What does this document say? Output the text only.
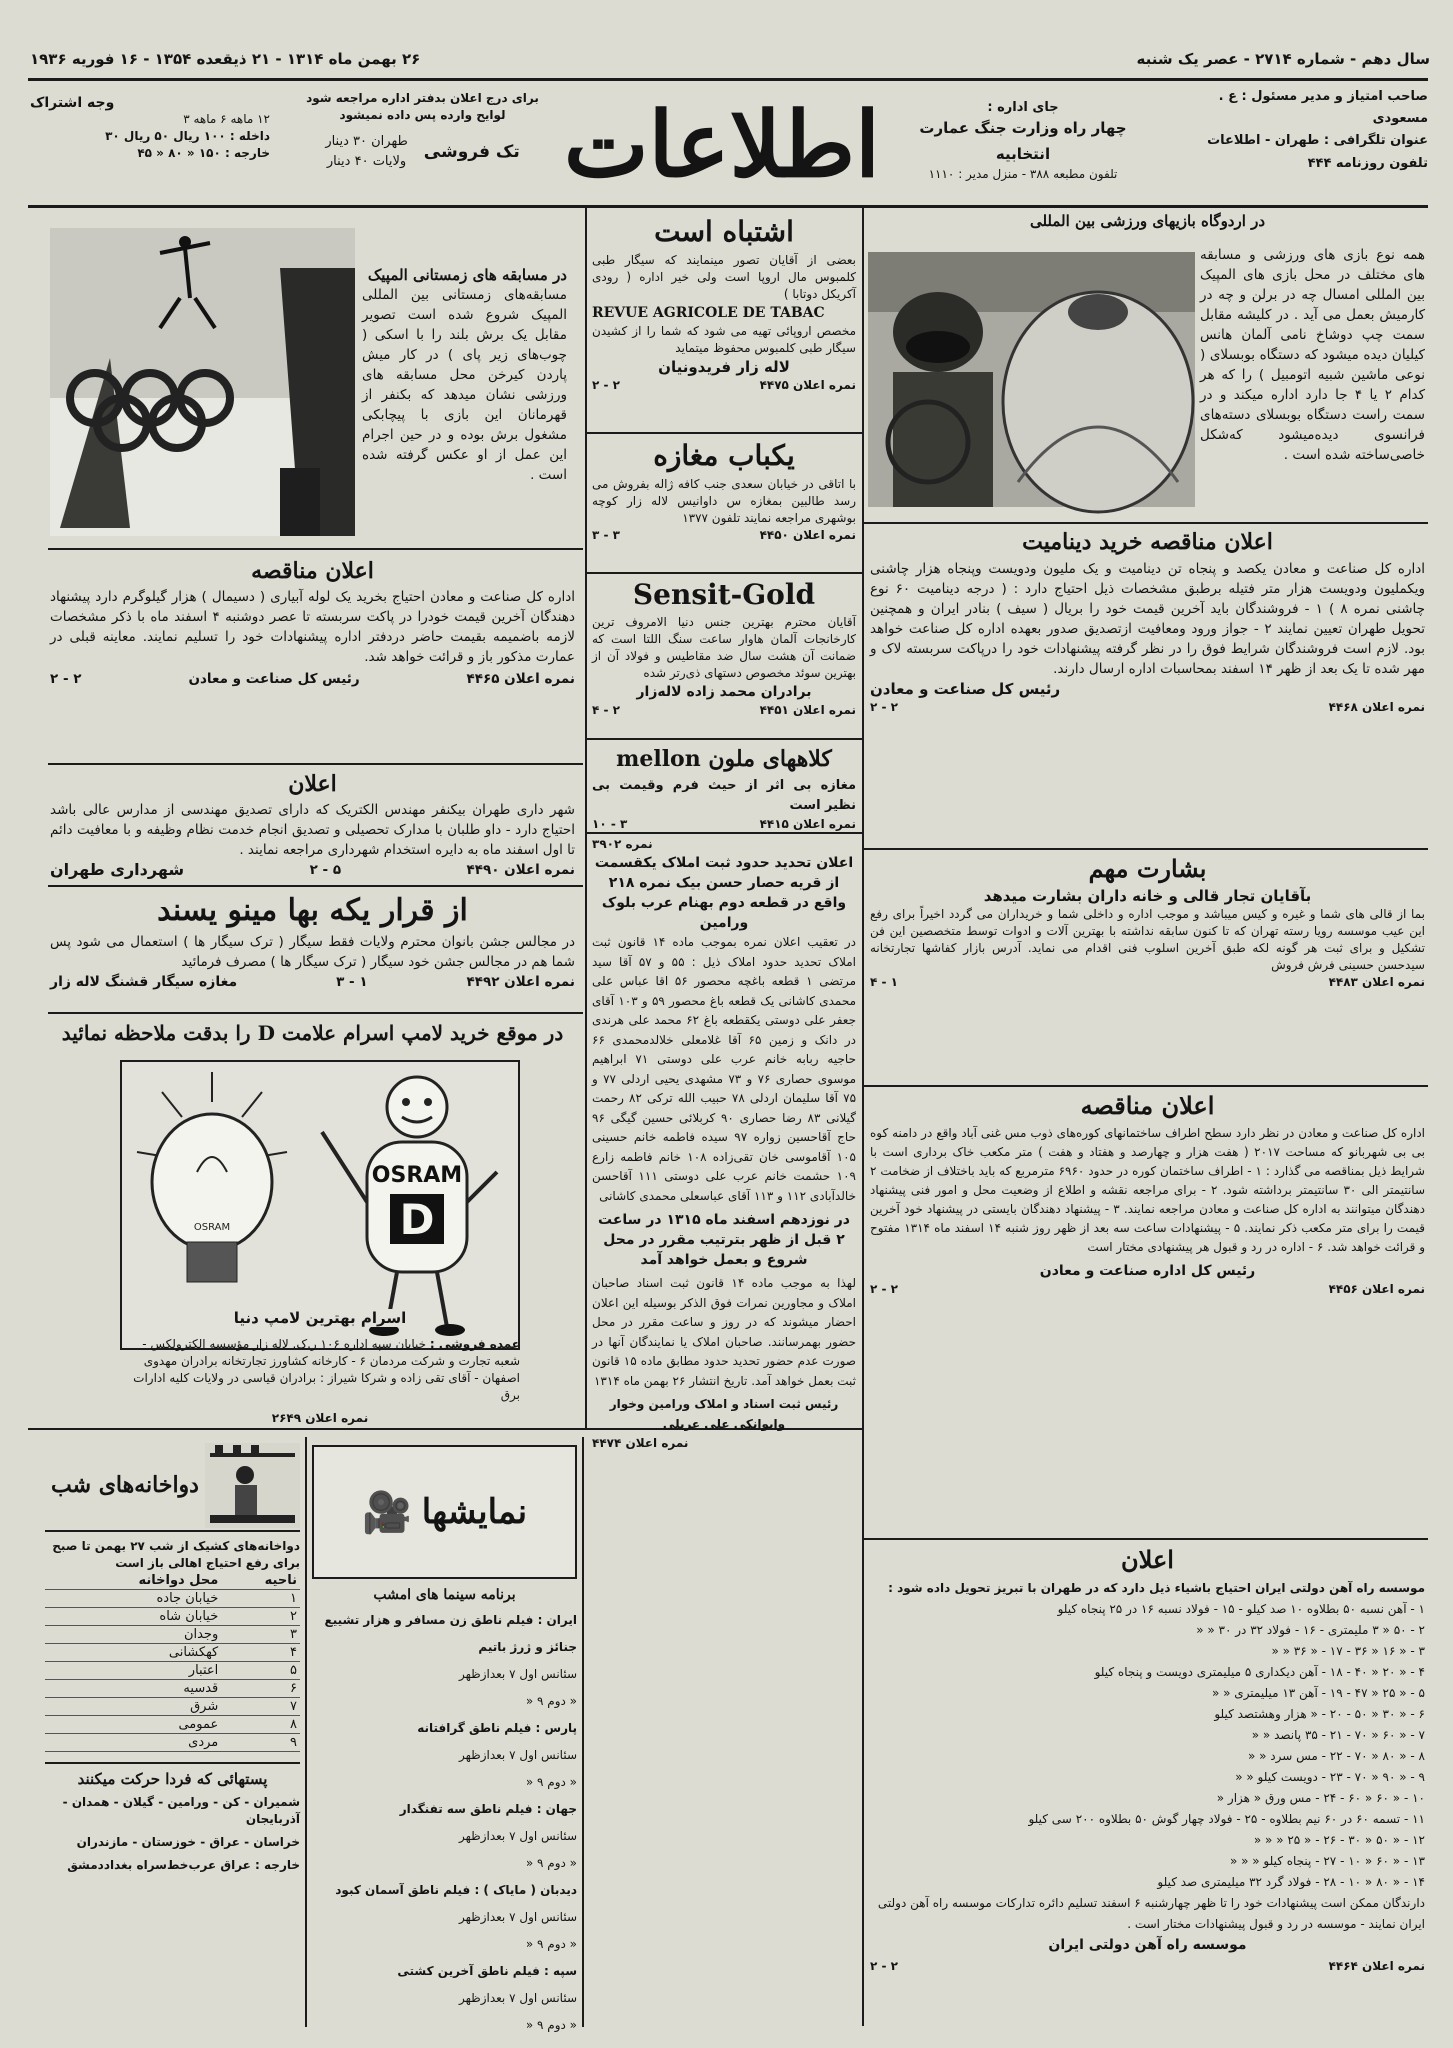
سال دهم - شماره ۲۷۱۴ - عصر یک شنبه
۲۶ بهمن ماه ۱۳۱۴ - ۲۱ ذیقعده ۱۳۵۴ - ۱۶ فوریه ۱۹۳۶
صاحب امتیاز و مدیر مسئول : ع . مسعودی
عنوان تلگرافی : طهران - اطلاعات
تلفون روزنامه ۴۴۴
جای اداره :
چهار راه وزارت جنگ عمارت انتخابیه
تلفون مطبعه ۳۸۸ - منزل مدیر : ۱۱۱۰
اطلاعات
برای درج اعلان بدفتر اداره مراجعه شود
لوایح وارده پس داده نمیشود
تک فروشی
طهران ۳۰ دینار
ولایات ۴۰ دینار
وجه اشتراک
۱۲ ماهه ۶ ماهه ۳
داخله : ۱۰۰ ریال ۵۰ ریال ۳۰
خارجه : ۱۵۰ « ۸۰ « ۴۵
در مسابقه های زمستانی المپیک
مسابقه‌های زمستانی بین المللی المپیک شروع شده است تصویر مقابل یک برش بلند را با اسکی ( چوب‌های زیر پای ) در کار میش پاردن کیرخن محل مسابقه های ورزشی نشان میدهد که بکنفر از قهرمانان این بازی با پیچابکی مشغول برش بوده و در حین اجرام این عمل از او عکس گرفته شده است .
اعلان مناقصه
اداره کل صناعت و معادن احتیاج بخرید یک لوله آبیاری ( دسیمال ) هزار گیلوگرم دارد پیشنهاد دهندگان آخرین قیمت خودرا در پاکت سربسته تا عصر دوشنبه ۴ اسفند ماه با ذکر مشخصات لازمه باضمیمه بقیمت حاضر دردفتر اداره پیشنهادات خود را تسلیم نمایند. معاینه قبلی در عمارت مذکور باز و قرائت خواهد شد.
نمره اعلان ۴۴۶۵
رئیس کل صناعت و معادن
۲ - ۲
اعلان
شهر داری طهران بیکنفر مهندس الکتریک که دارای تصدیق مهندسی از مدارس عالی باشد احتیاج دارد - داو طلبان با مدارک تحصیلی و تصدیق انجام خدمت نظام وظیفه و با معافیت دائم تا اول اسفند ماه به دایره استخدام شهرداری مراجعه نمایند .
نمره اعلان ۴۴۹۰
۵ - ۲
شهرداری طهران
از قرار یکه بها مینو یسند
در مجالس جشن بانوان محترم ولایات فقط سیگار ( ترک سیگار ها ) استعمال می شود پس شما هم در مجالس جشن خود سیگار ( ترک سیگار ها ) مصرف فرمائید
نمره اعلان ۴۴۹۲
۱ - ۳
مغازه سیگار قشنگ لاله زار
در موقع خرید لامپ اسرام علامت D را بدقت ملاحظه نمائید
OSRAM
OSRAM
D
اسرام بهترین لامپ دنیا
عمده فروشی : خیابان سپه اداره ۱۰۶ ر.ک. لاله زار مؤسسه الکترولکس - شعبه تجارت و شرکت مردمان ۶ - کارخانه کشاورز تجارتخانه برادران مهدوی اصفهان - آقای تقی زاده و شرکا شیراز : برادران قیاسی در ولایات کلیه ادارات برق
نمره اعلان ۲۶۴۹
دواخانه‌های شب
دواخانه‌های کشیک از شب ۲۷ بهمن تا صبح برای رفع احتیاج اهالی باز است
ناحیه	محل دواخانه
۱	خیابان جاده
۲	خیابان شاه
۳	وجدان
۴	کهکشانی
۵	اعتبار
۶	قدسیه
۷	شرق
۸	عمومی
۹	مردی
پستهائی که فردا حرکت میکنند
شمیران - کن - ورامین - گیلان - همدان - آذربایجان
خراسان - عراق - خوزستان - مازندران
خارجه : عراق عرب‌خط‌سراه بغداد‌دمشق
نمایشها
🎥
برنامه سینما های امشب
ایران : فیلم ناطق زن مسافر و هزار تشییع جنائز و ژرژ باتیم
سئانس اول ۷ بعدازظهر
« دوم ۹ «
پارس : فیلم ناطق گرافتانه
سئانس اول ۷ بعدازظهر
« دوم ۹ «
جهان : فیلم ناطق سه تفنگدار
سئانس اول ۷ بعدازظهر
« دوم ۹ «
دیدبان ( مایاک ) : فیلم ناطق آسمان کبود
سئانس اول ۷ بعدازظهر
« دوم ۹ «
سپه : فیلم ناطق آخرین کشتی
سئانس اول ۷ بعدازظهر
« دوم ۹ «
اشتباه است
بعضی از آقایان تصور مینمایند که سیگار طبی کلمبوس مال اروپا است ولی خیر اداره ( رودی آکریکل دوتابا )
REVUE AGRICOLE DE TABAC
مخصص اروپائی تهیه می شود که شما را از کشیدن سیگار طبی کلمبوس محفوظ میتماید
لاله زار فریدونیان
نمره اعلان ۴۴۷۵
۲ - ۲
یکباب مغازه
با اتاقی در خیابان سعدی جنب کافه ژاله بفروش می رسد طالبین بمغازه س داوانیس لاله زار کوچه بوشهری مراجعه نمایند تلفون ۱۳۷۷
نمره اعلان ۴۴۵۰
۳ - ۳
Sensit-Gold
آقایان محترم بهترین جنس دنیا الامروف ترین کارخانجات آلمان هاوار ساعت سنگ اللتا است که ضمانت آن هشت سال ضد مقاطیس و فولاد آن از بهترین سوئد مخصوص دستهای ذی‌رتر شده
برادران محمد زاده لاله‌زار
نمره اعلان ۴۴۵۱
۲ - ۴
کلاههای ملون mellon
مغازه بی اثر از حیث فرم وقیمت بی نظیر است
نمره اعلان ۴۴۱۵
۳ - ۱۰
نمره ۳۹۰۲
اعلان تحدید حدود ثبت املاک یکقسمت از قریه حصار حسن بیک نمره ۲۱۸ واقع در قطعه دوم بهنام عرب بلوک ورامین
در تعقیب اعلان نمره بموجب ماده ۱۴ قانون ثبت املاک تحدید حدود املاک ذیل : ۵۵ و ۵۷ آقا سید مرتضی ۱ قطعه باغچه محصور ۵۶ اقا عباس علی محمدی کاشانی یک قطعه باغ محصور ۵۹ و ۱۰۳ آقای جعفر علی دوستی یکقطعه باغ ۶۲ محمد علی هرندی در دانک و زمین ۶۵ آقا غلامعلی خلالدمحمدی ۶۶ حاجیه ربابه خانم عرب علی دوستی ۷۱ ابراهیم موسوی حصاری ۷۶ و ۷۳ مشهدی یحیی اردلی ۷۷ و ۷۵ آقا سلیمان اردلی ۷۸ حبیب الله ترکی ۸۲ رحمت گیلانی ۸۳ رضا حصاری ۹۰ کربلائی حسین گیگی ۹۶ حاج آقاحسین زواره ۹۷ سیده فاطمه خانم حسینی ۱۰۵ آقاموسی خان تقی‌زاده ۱۰۸ خانم فاطمه زارع ۱۰۹ حشمت خانم عرب علی دوستی ۱۱۱ آقاحسن خالدآبادی ۱۱۲ و ۱۱۳ آقای عباسعلی محمدی کاشانی
در نوزدهم اسفند ماه ۱۳۱۵ در ساعت ۲ قبل از ظهر بترتیب مقرر در محل شروع و بعمل خواهد آمد
لهذا به موجب ماده ۱۴ قانون ثبت اسناد صاحبان املاک و مجاورین نمرات فوق الذکر بوسیله این اعلان احضار میشوند که در روز و ساعت مقرر در محل حضور بهمرسانند. صاحبان املاک یا نمایندگان آنها در صورت عدم حضور تحدید حدود مطابق ماده ۱۵ قانون ثبت بعمل خواهد آمد. تاریخ انتشار ۲۶ بهمن ماه ۱۳۱۴
رئیس ثبت اسناد و املاک ورامین وخوار وایوانکی علی عربلی
نمره اعلان ۴۴۷۴
در اردوگاه بازیهای ورزشی بین المللی
همه نوع بازی های ورزشی و مسابقه های مختلف در محل بازی های المپیک بین المللی امسال چه در برلن و چه در کارمیش بعمل می آید . در کلیشه مقابل سمت چپ دوشاخ نامی آلمان هانس کیلیان دیده میشود که دستگاه بوبسلای ( نوعی ماشین شبیه اتومبیل ) را که هر کدام ۲ یا ۴ جا دارد اداره میکند و در سمت راست دستگاه بوبسلای دسته‌های فرانسوی دیده‌میشود که‌شکل خاصی‌ساخته شده است .
اعلان مناقصه خرید دینامیت
اداره کل صناعت و معادن یکصد و پنجاه تن دینامیت و یک ملیون ودویست وپنجاه هزار چاشنی ویکملیون ودویست هزار متر فتیله برطبق مشخصات ذیل احتیاج دارد : ( درجه دینامیت ۶۰ نوع چاشنی نمره ۸ ) ۱ - فروشندگان باید آخرین قیمت خود را بریال ( سیف ) بنادر ایران و همچنین تحویل طهران تعیین نمایند ۲ - جواز ورود ومعافیت ازتصدیق صدور بعهده اداره کل صناعت خواهد بود. لازم است فروشندگان شرایط فوق را در نظر گرفته پیشنهادات خود را درپاکت سربسته لاک و مهر شده تا یک بعد از ظهر ۱۴ اسفند بمحاسبات اداره ارسال دارند.
رئیس کل صناعت و معادن
نمره اعلان ۴۴۶۸
۲ - ۲
بشارت مهم
بآقایان تجار قالی و خانه داران بشارت میدهد
بما از قالی های شما و غیره و کیس میباشد و موجب اداره و داخلی شما و خریداران می گردد اخیراً برای رفع این عیب موسسه رویا رسته تهران که تا کنون سابقه نداشته با بهترین آلات و ادوات توسط متخصصین این فن تشکیل و برای ثبت هر گونه لکه طبق آخرین اسلوب فنی اقدام می نماید. آدرس بازار کفاشها تجارتخانه سیدحسن حسینی فرش فروش
نمره اعلان ۴۴۸۳
۱ - ۴
اعلان مناقصه
اداره کل صناعت و معادن در نظر دارد سطح اطراف ساختمانهای کوره‌های ذوب مس غنی آباد واقع در دامنه کوه بی بی شهربانو که مساحت ۲۰۱۷ ( هفت هزار و چهارصد و هفتاد و هفت ) متر مکعب خاک برداری است با شرایط ذیل بمناقصه می گذارد : ۱ - اطراف ساختمان کوره در حدود ۶۹۶۰ مترمربع که باید باختلاف از ضخامت ۲ سانتیمتر الی ۳۰ سانتیمتر برداشته شود. ۲ - برای مراجعه نقشه و اطلاع از وضعیت محل و امور فنی پیشنهاد دهندگان میتوانند به اداره کل صناعت و معادن مراجعه نمایند. ۳ - پیشنهاد دهندگان بایستی در پیشنهاد خود آخرین قیمت را برای متر مکعب ذکر نمایند. ۵ - پیشنهادات ساعت سه بعد از ظهر روز شنبه ۱۴ اسفند ماه ۱۳۱۴ مفتوح و قرائت خواهد شد. ۶ - اداره در رد و قبول هر پیشنهادی مختار است
رئیس کل اداره صناعت و معادن
نمره اعلان ۴۴۵۶
۲ - ۲
اعلان
موسسه راه آهن دولتی ایران احتیاج باشیاء ذیل دارد که در طهران با تبریز تحویل داده شود :
۱ - آهن نسبه ۵۰ بطلاوه ۱۰ صد کیلو - ۱۵ - فولاد نسبه ۱۶ در ۲۵ پنجاه کیلو
۲ - ۵۰ « ۳ ملیمتری - ۱۶ - فولاد ۳۲ در ۳۰ « «
۳ - « ۱۶ « ۳۶ - ۱۷ - « ۳۶ « «
۴ - « ۲۰ « ۴۰ - ۱۸ - آهن دیکداری ۵ میلیمتری دویست و پنجاه کیلو
۵ - « ۲۵ « ۴۷ - ۱۹ - آهن ۱۳ میلیمتری « «
۶ - « ۳۰ « ۵۰ - ۲۰ - « هزار وهشتصد کیلو
۷ - « ۶۰ « ۷۰ - ۲۱ - ۳۵ پانصد « «
۸ - « ۸۰ « ۷۰ - ۲۲ - مس سرد « «
۹ - « ۹۰ « ۷۰ - ۲۳ - دویست کیلو « «
۱۰ - « ۶۰ « ۶۰ - ۲۴ - مس ورق « هزار «
۱۱ - تسمه ۶۰ در ۶۰ نیم بطلاوه - ۲۵ - فولاد چهار گوش ۵۰ بطلاوه ۲۰۰ سی کیلو
۱۲ - « ۵۰ « ۳۰ - ۲۶ - « ۲۵ « « «
۱۳ - « ۶۰ « ۱۰ - ۲۷ - پنجاه کیلو « « «
۱۴ - « ۸۰ « ۱۰ - ۲۸ - فولاد گرد ۳۲ میلیمتری صد کیلو
دارندگان ممکن است پیشنهادات خود را تا ظهر چهارشنبه ۶ اسفند تسلیم دائره تدارکات موسسه راه آهن دولتی ایران نمایند - موسسه در رد و قبول پیشنهادات مختار است .
موسسه راه آهن دولتی ایران
نمره اعلان ۴۴۶۴
۲ - ۲
